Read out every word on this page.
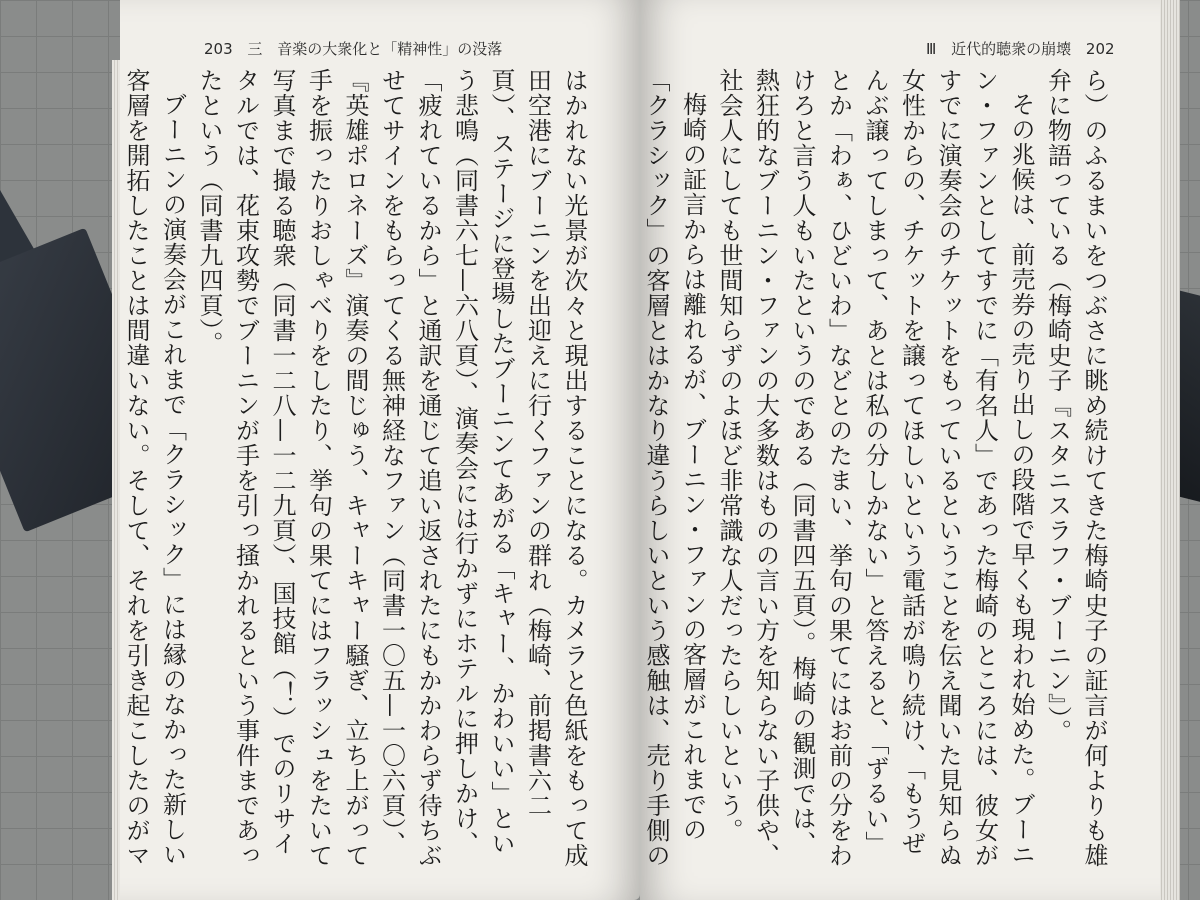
203 三 音楽の大衆化と「精神性」の没落

はかれない光景が次々と現出することになる。カメラと色紙をもって成田空港にブーニンを出迎えに行くファンの群れ（梅崎、前掲書六二頁）、ステージに登場したブーニンてあがる「キャー、かわいい」という悲鳴（同書六七—六八頁）、演奏会には行かずにホテルに押しかけ、「疲れているから」と通訳を通じて追い返されたにもかかわらず待ちぶせてサインをもらってくる無神経なファン（同書一〇五—一〇六頁）、『英雄ポロネーズ』演奏の間じゅう、キャーキャー騒ぎ、立ち上がって手を振ったりおしゃべりをしたり、挙句の果てにはフラッシュをたいて写真まで撮る聴衆（同書一二八—一二九頁）、国技館（！）でのリサイタルでは、花束攻勢でブーニンが手を引っ掻かれるという事件まであったという（同書九四頁）。

ブーニンの演奏会がこれまで「クラシック」には縁のなかった新しい客層を開拓したことは間違いない。そして、それを引き起こしたのがマ

Ⅲ 近代的聴衆の崩壊 202

ら）のふるまいをつぶさに眺め続けてきた梅崎史子の証言が何よりも雄弁に物語っている（梅崎史子『スタニスラフ・ブーニン』）。

その兆候は、前売券の売り出しの段階で早くも現われ始めた。ブーニン・ファンとしてすでに「有名人」であった梅崎のところには、彼女がすでに演奏会のチケットをもっているということを伝え聞いた見知らぬ女性からの、チケットを譲ってほしいという電話が鳴り続け、「もうぜんぶ譲ってしまって、あとは私の分しかない」と答えると、「ずるい」とか「わぁ、ひどいわ」などとのたまい、挙句の果てにはお前の分をわけろと言う人もいたというのである（同書四五頁）。梅崎の観測では、熱狂的なブーニン・ファンの大多数はものの言い方を知らない子供や、社会人にしても世間知らずのよほど非常識な人だったらしいという。

梅崎の証言からは離れるが、ブーニン・ファンの客層がこれまでの「クラシック」の客層とはかなり違うらしいという感触は、売り手側の
